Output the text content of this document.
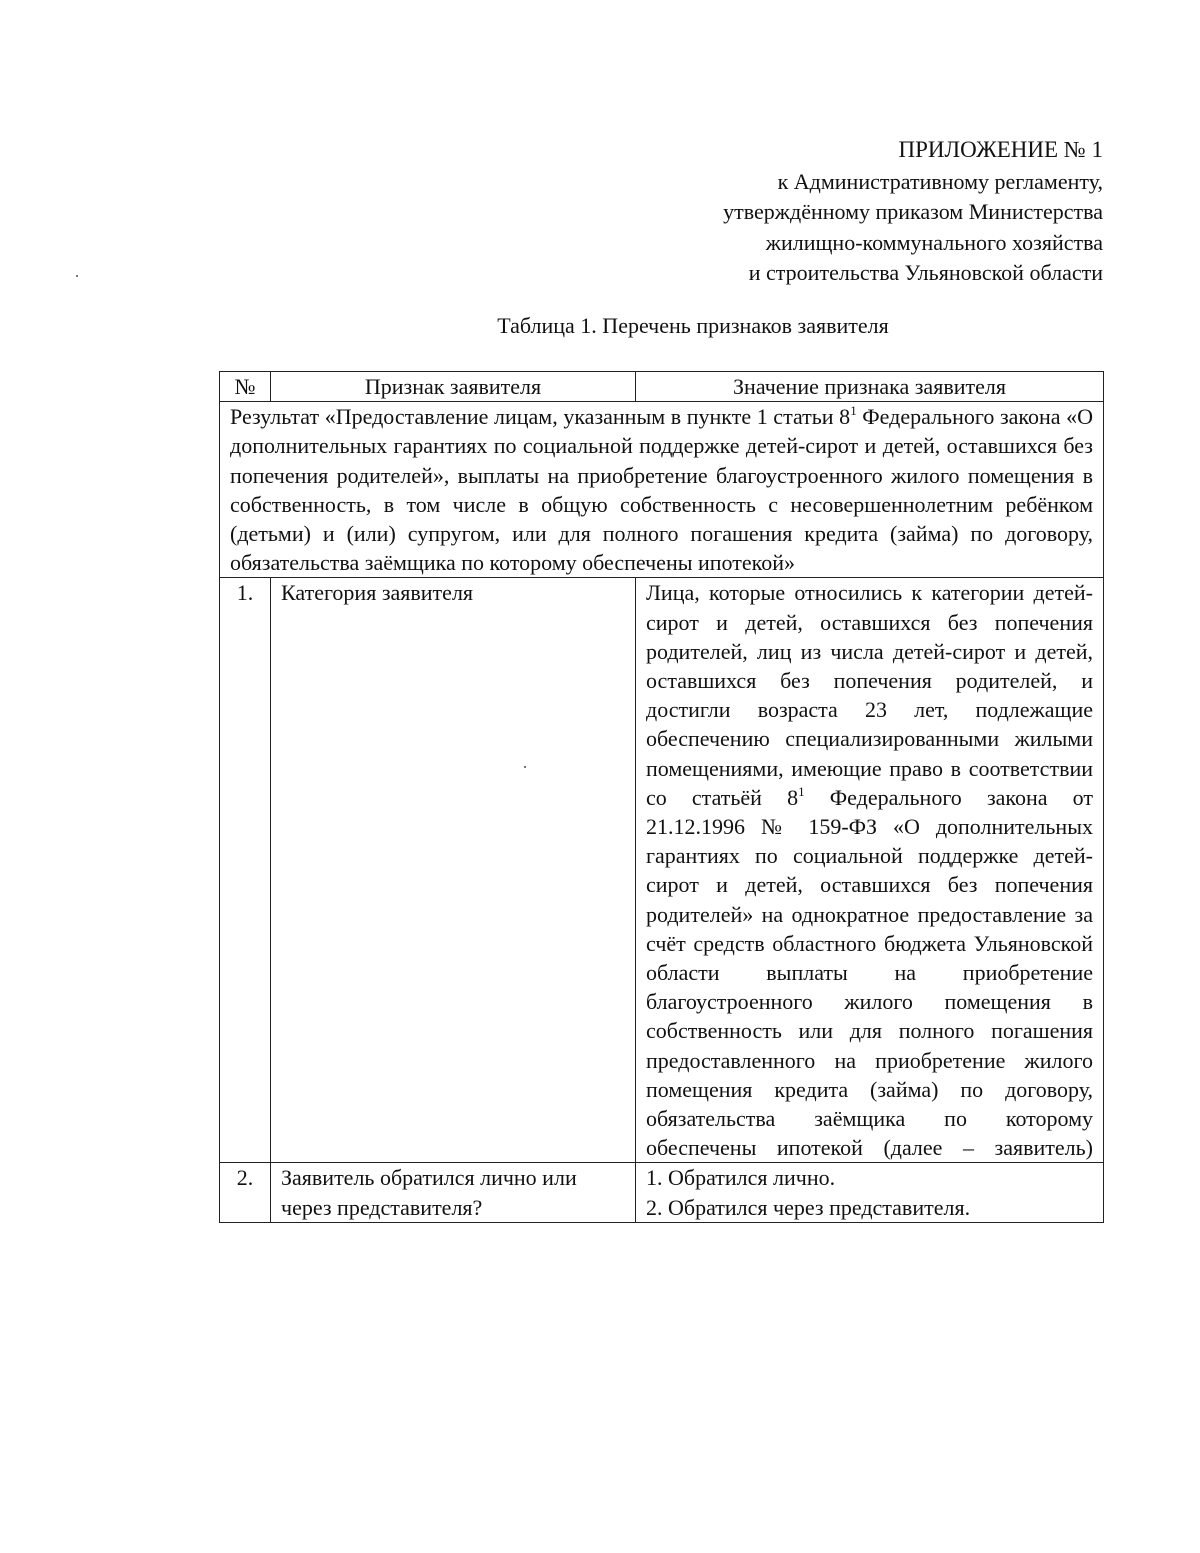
ПРИЛОЖЕНИЕ № 1
к Административному регламенту,
утверждённому приказом Министерства
жилищно-коммунального хозяйства
и строительства Ульяновской области
Таблица 1. Перечень признаков заявителя
№	Признак заявителя	Значение признака заявителя
Результат «Предоставление лицам, указанным в пункте 1 статьи $8^1$ Федерального закона «О дополнительных гарантиях по социальной поддержке детей-сирот и детей, оставшихся без попечения родителей», выплаты на приобретение благоустроенного жилого помещения в собственность, в том числе в общую собственность с несовершеннолетним ребёнком (детьми) и (или) супругом, или для полного погашения кредита (займа) по договору, обязательства заёмщика по которому обеспечены ипотекой»		
1.	Категория заявителя	Лица, которые относились к категории детей-сирот и детей, оставшихся без попечения родителей, лиц из числа детей-сирот и детей, оставшихся без попечения родителей, и достигли возраста 23 лет, подлежащие обеспечению специализированными жилыми помещениями, имеющие право в соответствии со статьёй $8^1$ Федерального закона от 21.12.1996 № 159-ФЗ «О дополнительных гарантиях по социальной поддержке детей-сирот и детей, оставшихся без попечения родителей» на однократное предоставление за счёт средств областного бюджета Ульяновской области выплаты на приобретение благоустроенного жилого помещения в собственность или для полного погашения предоставленного на приобретение жилого помещения кредита (займа) по договору, обязательства заёмщика по которому обеспечены ипотекой (далее – заявитель)
2.	Заявитель обратился лично или через представителя?	1. Обратился лично.
2. Обратился через представителя.
